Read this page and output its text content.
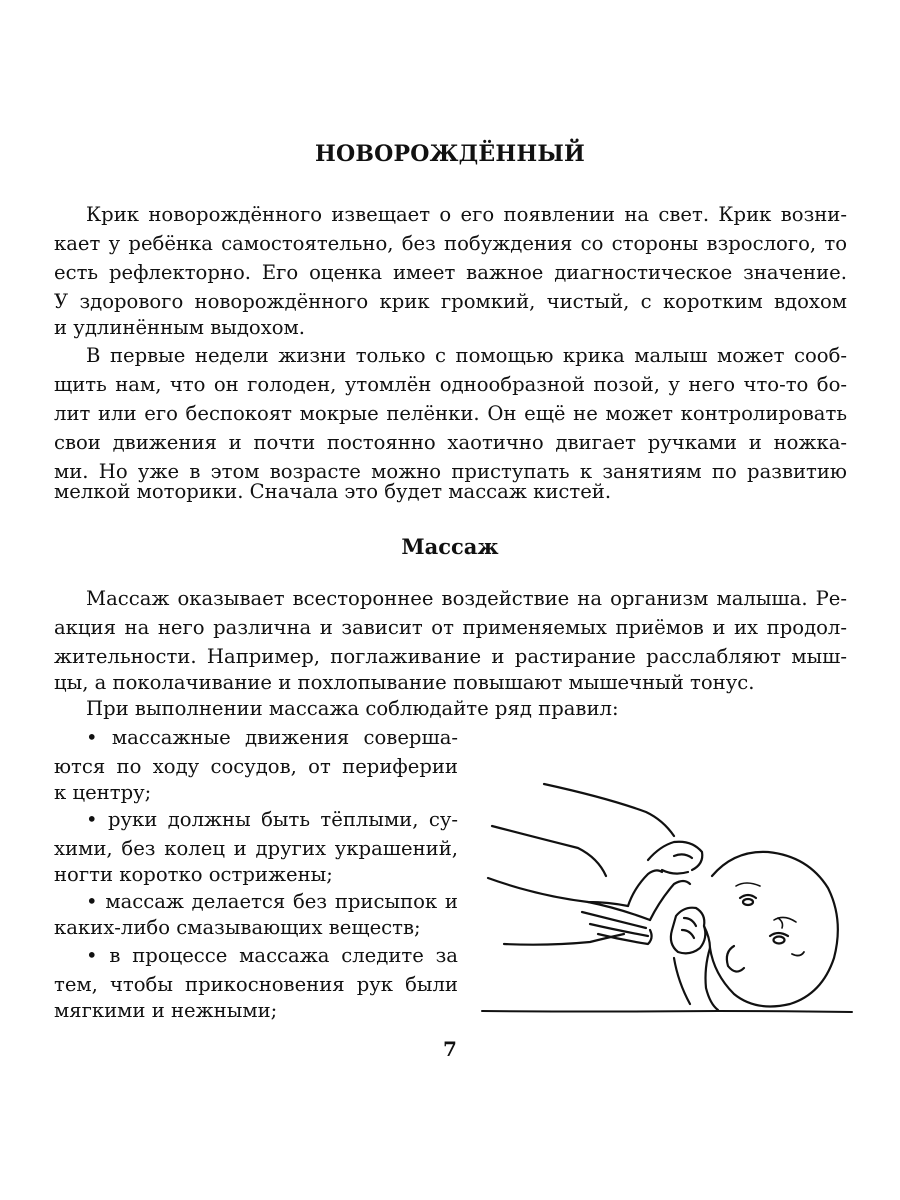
НОВОРОЖДЁННЫЙ

Крик новорождённого извещает о его появлении на свет. Крик возни-

кает у ребёнка самостоятельно, без побуждения со стороны взрослого, то

есть рефлекторно. Его оценка имеет важное диагностическое значение.

У здорового новорождённого крик громкий, чистый, с коротким вдохом

и удлинённым выдохом.

В первые недели жизни только с помощью крика малыш может сооб-

щить нам, что он голоден, утомлён однообразной позой, у него что-то бо-

лит или его беспокоят мокрые пелёнки. Он ещё не может контролировать

свои движения и почти постоянно хаотично двигает ручками и ножка-

ми. Но уже в этом возрасте можно приступать к занятиям по развитию

мелкой моторики. Сначала это будет массаж кистей.

Массаж

Массаж оказывает всестороннее воздействие на организм малыша. Ре-

акция на него различна и зависит от применяемых приёмов и их продол-

жительности. Например, поглаживание и растирание расслабляют мыш-

цы, а поколачивание и похлопывание повышают мышечный тонус.

При выполнении массажа соблюдайте ряд правил:

• массажные движения соверша-

ются по ходу сосудов, от периферии

к центру;

• руки должны быть тёплыми, су-

хими, без колец и других украшений,

ногти коротко острижены;

• массаж делается без присыпок и

каких-либо смазывающих веществ;

• в процессе массажа следите за

тем, чтобы прикосновения рук были

мягкими и нежными;

7
